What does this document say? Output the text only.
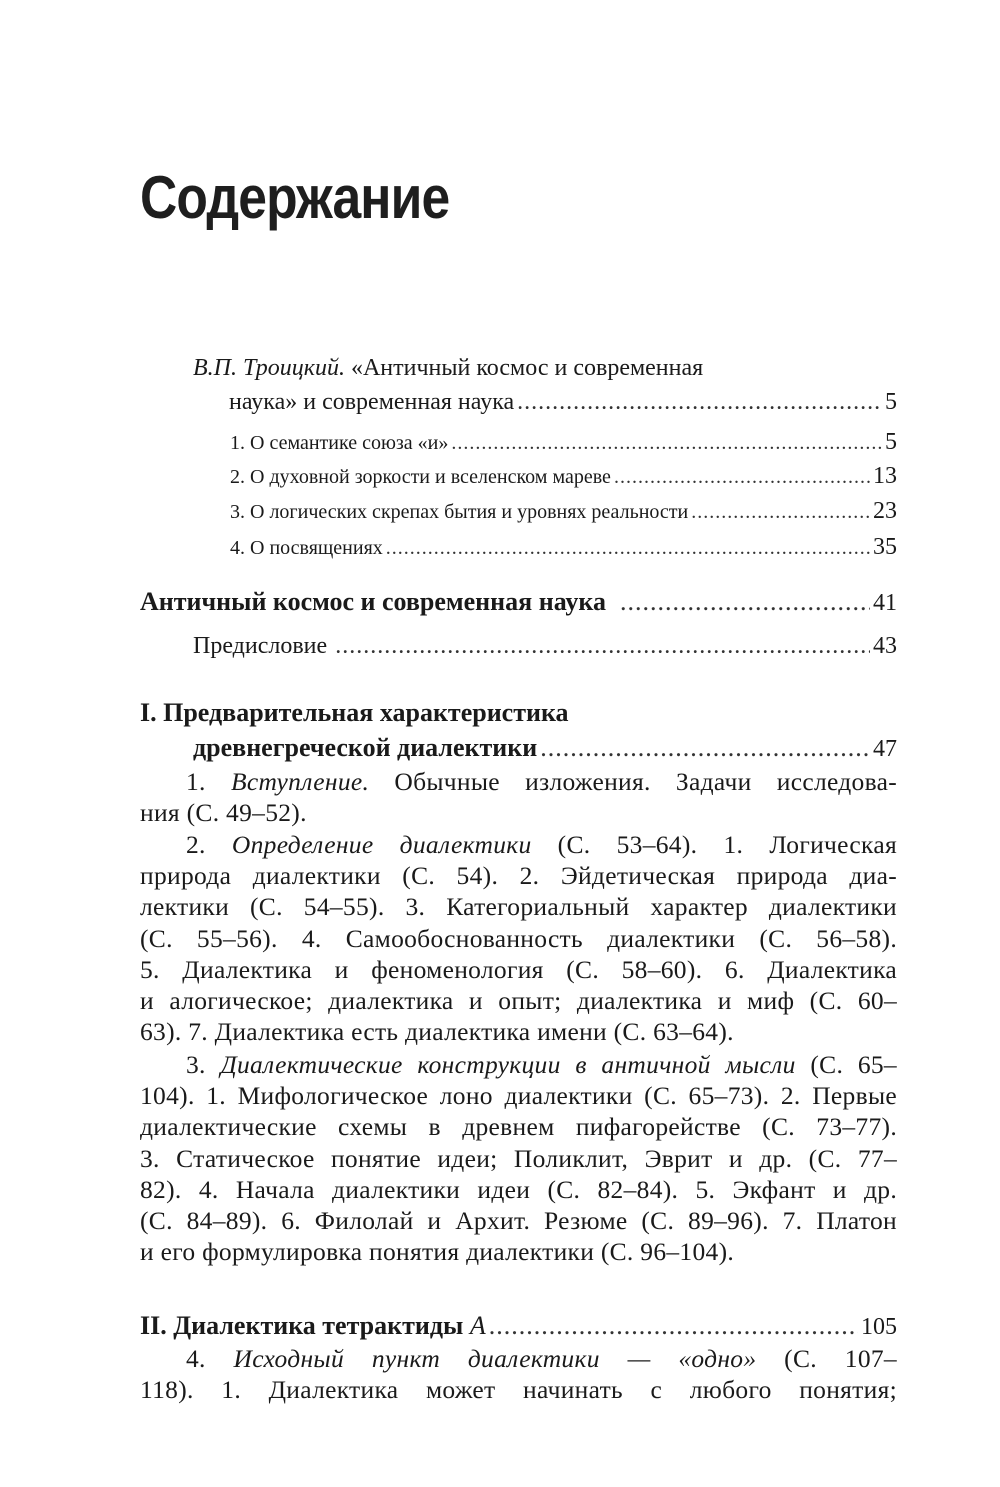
Содержание
В.П. Троицкий. «Античный космос и современная
наука» и современная наука .....	5
1. О семантике союза «и» .....	5
2. О духовной зоркости и вселенском мареве .....	13
3. О логических скрепах бытия и уровнях реальности .....	23
4. О посвящениях .....	35
Античный космос и современная наука .....	41
Предисловие .....	43
I. Предварительная характеристика
древнегреческой диалектики .....	47
1. Вступление. Обычные изложения. Задачи исследова-
ния (С. 49–52).
2. Определение диалектики (С. 53–64). 1. Логическая
природа диалектики (С. 54). 2. Эйдетическая природа диа-
лектики (С. 54–55). 3. Категориальный характер диалектики
(С. 55–56). 4. Самообоснованность диалектики (С. 56–58).
5. Диалектика и феноменология (С. 58–60). 6. Диалектика
и алогическое; диалектика и опыт; диалектика и миф (С. 60–
63). 7. Диалектика есть диалектика имени (С. 63–64).
3. Диалектические конструкции в античной мысли (С. 65–
104). 1. Мифологическое лоно диалектики (С. 65–73). 2. Первые
диалектические схемы в древнем пифагорействе (С. 73–77).
3. Статическое понятие идеи; Поликлит, Эврит и др. (С. 77–
82). 4. Начала диалектики идеи (С. 82–84). 5. Экфант и др.
(С. 84–89). 6. Филолай и Архит. Резюме (С. 89–96). 7. Платон
и его формулировка понятия диалектики (С. 96–104).
II. Диалектика тетрактиды А .....	105
4. Исходный пункт диалектики — «одно» (С. 107–
118). 1. Диалектика может начинать с любого понятия;
